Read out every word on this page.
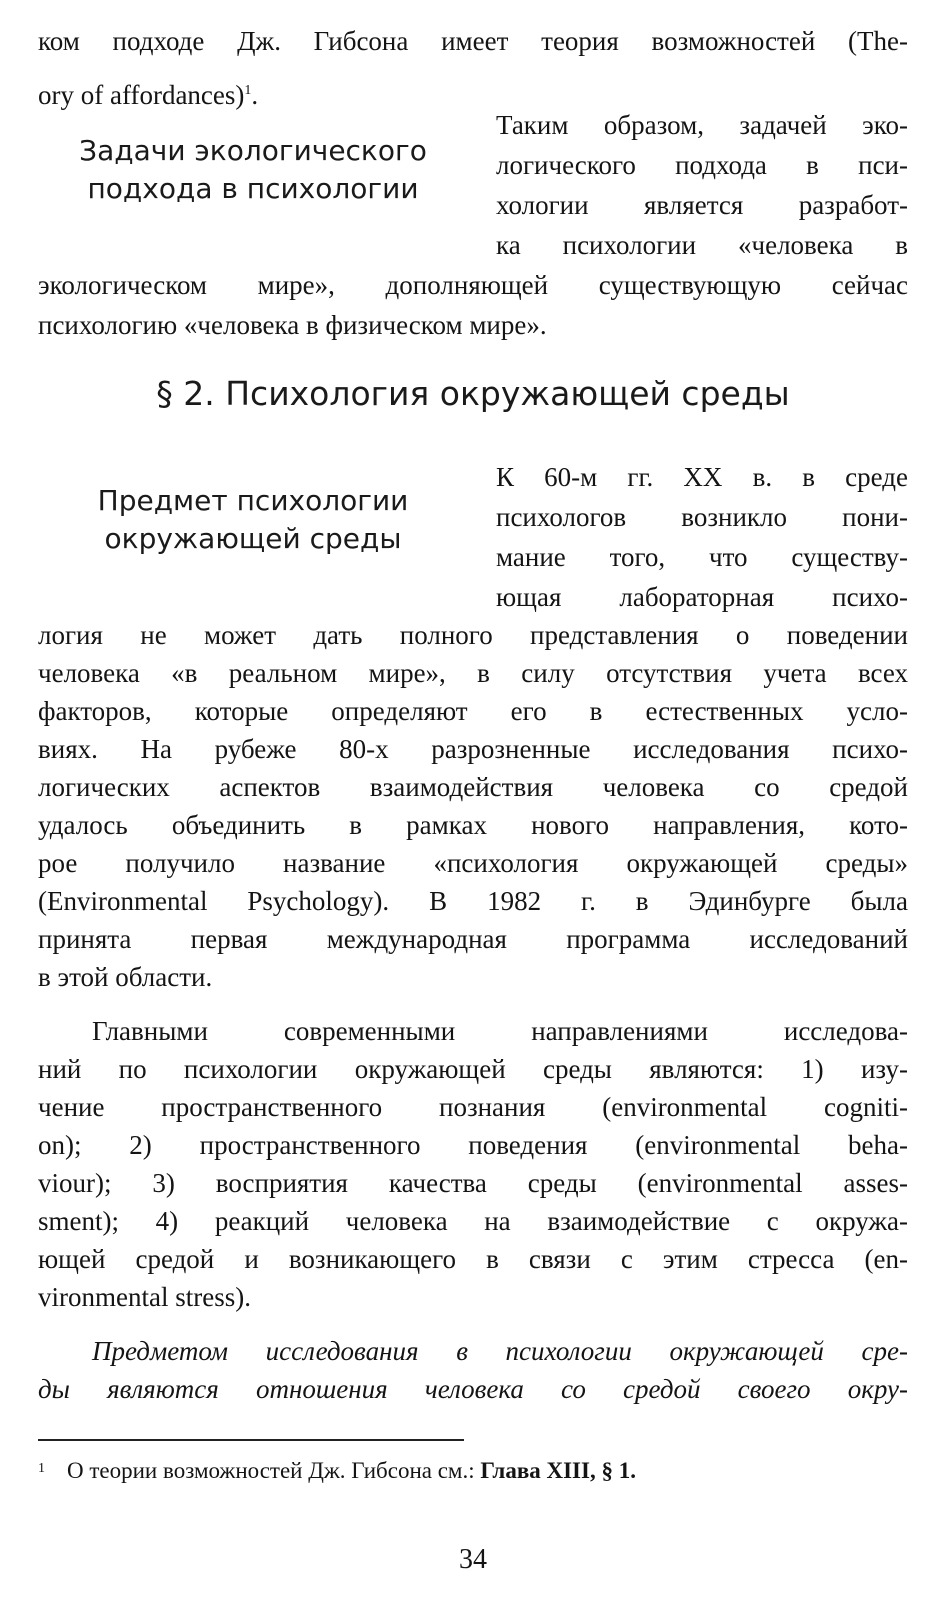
ком подходе Дж. Гибсона имеет теория возможностей (The-
ory of affordances)$^1$.
Задачи экологического
подхода в психологии
Таким образом, задачей эко-
логического подхода в пси-
хологии является разработ-
ка психологии «человека в
экологическом мире», дополняющей существующую сейчас
психологию «человека в физическом мире».
§ 2. Психология окружающей среды
Предмет психологии
окружающей среды
К 60-м гг. XX в. в среде
психологов возникло пони-
мание того, что существу-
ющая лабораторная психо-
логия не может дать полного представления о поведении
человека «в реальном мире», в силу отсутствия учета всех
факторов, которые определяют его в естественных усло-
виях. На рубеже 80-х разрозненные исследования психо-
логических аспектов взаимодействия человека со средой
удалось объединить в рамках нового направления, кото-
рое получило название «психология окружающей среды»
(Environmental Psychology). В 1982 г. в Эдинбурге была
принята первая международная программа исследований
в этой области.
Главными современными направлениями исследова-
ний по психологии окружающей среды являются: 1) изу-
чение пространственного познания (environmental cogniti-
on); 2) пространственного поведения (environmental beha-
viour); 3) восприятия качества среды (environmental asses-
sment); 4) реакций человека на взаимодействие с окружа-
ющей средой и возникающего в связи с этим стресса (en-
vironmental stress).
Предметом исследования в психологии окружающей сре-
ды являются отношения человека со средой своего окру-
$^1$ О теории возможностей Дж. Гибсона см.: Глава XIII, § 1.
34
